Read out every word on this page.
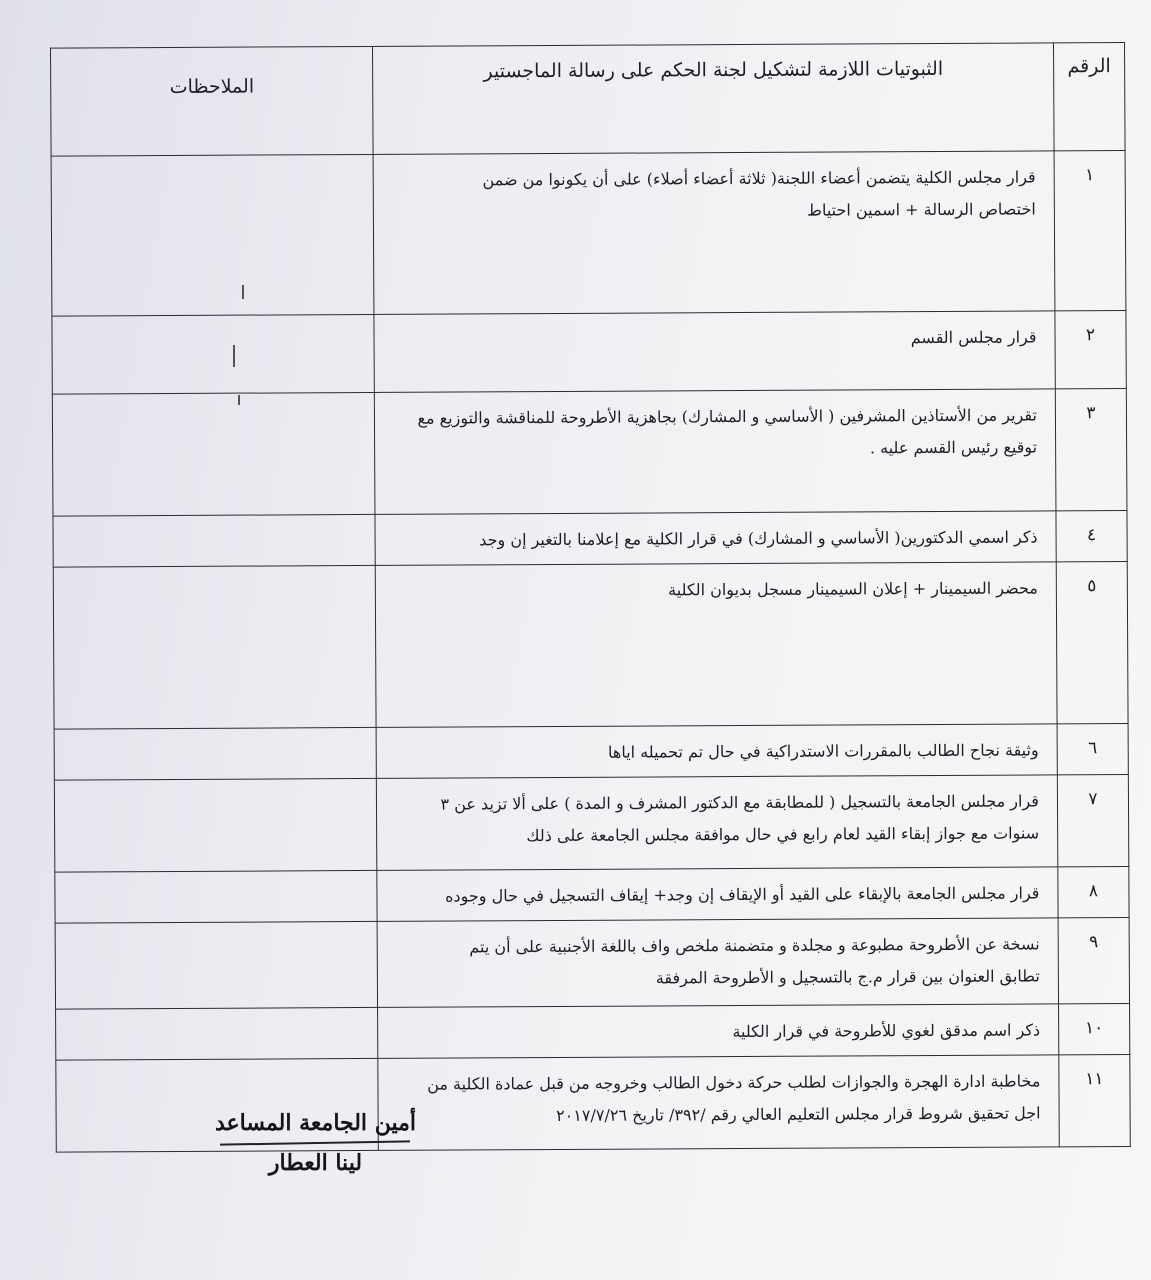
الرقم	الثبوتيات اللازمة لتشكيل لجنة الحكم على رسالة الماجستير	الملاحظات
١	قرار مجلس الكلية يتضمن أعضاء اللجنة( ثلاثة أعضاء أصلاء) على أن يكونوا من ضمن
اختصاص الرسالة + اسمين احتياط	

٢	قرار مجلس القسم	

٣	تقرير من الأستاذين المشرفين ( الأساسي و المشارك) بجاهزية الأطروحة للمناقشة والتوزيع مع
توقيع رئيس القسم عليه .	

٤	ذكر اسمي الدكتورين( الأساسي و المشارك) في قرار الكلية مع إعلامنا بالتغير إن وجد	

٥	محضر السيمينار + إعلان السيمينار مسجل بديوان الكلية	

٦	وثيقة نجاح الطالب بالمقررات الاستدراكية في حال تم تحميله اياها	

٧	قرار مجلس الجامعة بالتسجيل ( للمطابقة مع الدكتور المشرف و المدة ) على ألا تزيد عن ٣
سنوات مع جواز إبقاء القيد لعام رابع في حال موافقة مجلس الجامعة على ذلك	

٨	قرار مجلس الجامعة بالإبقاء على القيد أو الإيقاف إن وجد+ إيقاف التسجيل في حال وجوده	

٩	نسخة عن الأطروحة مطبوعة و مجلدة و متضمنة ملخص واف باللغة الأجنبية على أن يتم
تطابق العنوان بين قرار م.ج بالتسجيل و الأطروحة المرفقة	

١٠	ذكر اسم مدقق لغوي للأطروحة في قرار الكلية	

١١	مخاطبة ادارة الهجرة والجوازات لطلب حركة دخول الطالب وخروجه من قبل عمادة الكلية من
اجل تحقيق شروط قرار مجلس التعليم العالي رقم /٣٩٢/ تاريخ ٢٠١٧/٧/٢٦	

أمين الجامعة المساعد
لينا العطار
